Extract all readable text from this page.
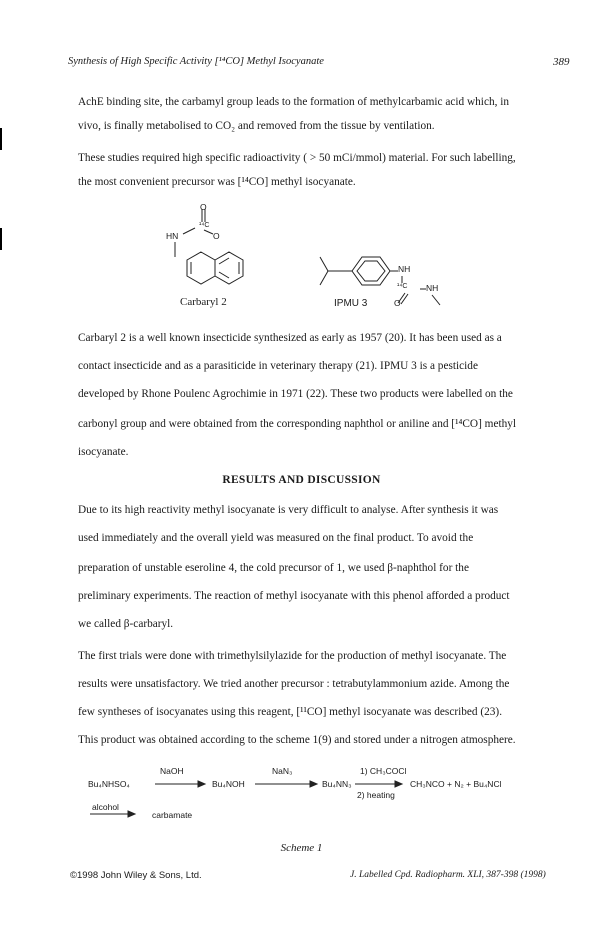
Synthesis of High Specific Activity [¹⁴CO] Methyl Isocyanate	389
AchE binding site, the carbamyl group leads to the formation of methylcarbamic acid which, in
vivo, is finally metabolised to CO₂ and removed from the tissue by ventilation.
These studies required high specific radioactivity ( > 50 mCi/mmol) material. For such labelling,
the most convenient precursor was [¹⁴CO] methyl isocyanate.
O
¹⁴C
HN	O
Carbaryl 2
NH
¹⁴C NH
O
IPMU 3
Carbaryl 2 is a well known insecticide synthesized as early as 1957 (20). It has been used as a
contact insecticide and as a parasiticide in veterinary therapy (21). IPMU 3 is a pesticide
developed by Rhone Poulenc Agrochimie in 1971 (22). These two products were labelled on the
carbonyl group and were obtained from the corresponding naphthol or aniline and [¹⁴CO] methyl
isocyanate.
RESULTS AND DISCUSSION
Due to its high reactivity methyl isocyanate is very difficult to analyse. After synthesis it was
used immediately and the overall yield was measured on the final product. To avoid the
preparation of unstable eseroline 4, the cold precursor of 1, we used β-naphthol for the
preliminary experiments. The reaction of methyl isocyanate with this phenol afforded a product
we called β-carbaryl.
The first trials were done with trimethylsilylazide for the production of methyl isocyanate. The
results were unsatisfactory. We tried another precursor : tetrabutylammonium azide. Among the
few syntheses of isocyanates using this reagent, [¹¹CO] methyl isocyanate was described (23).
This product was obtained according to the scheme 1(9) and stored under a nitrogen atmosphere.
Bu₄NHSO₄
NaOH
Bu₄NOH
NaN₃
Bu₄NN₃
1) CH₃COCl
2) heating
CH₃NCO + N₂ + Bu₄NCl
alcohol
carbamate
Scheme 1
©1998 John Wiley & Sons, Ltd.	J. Labelled Cpd. Radiopharm. XLI, 387-398 (1998)
